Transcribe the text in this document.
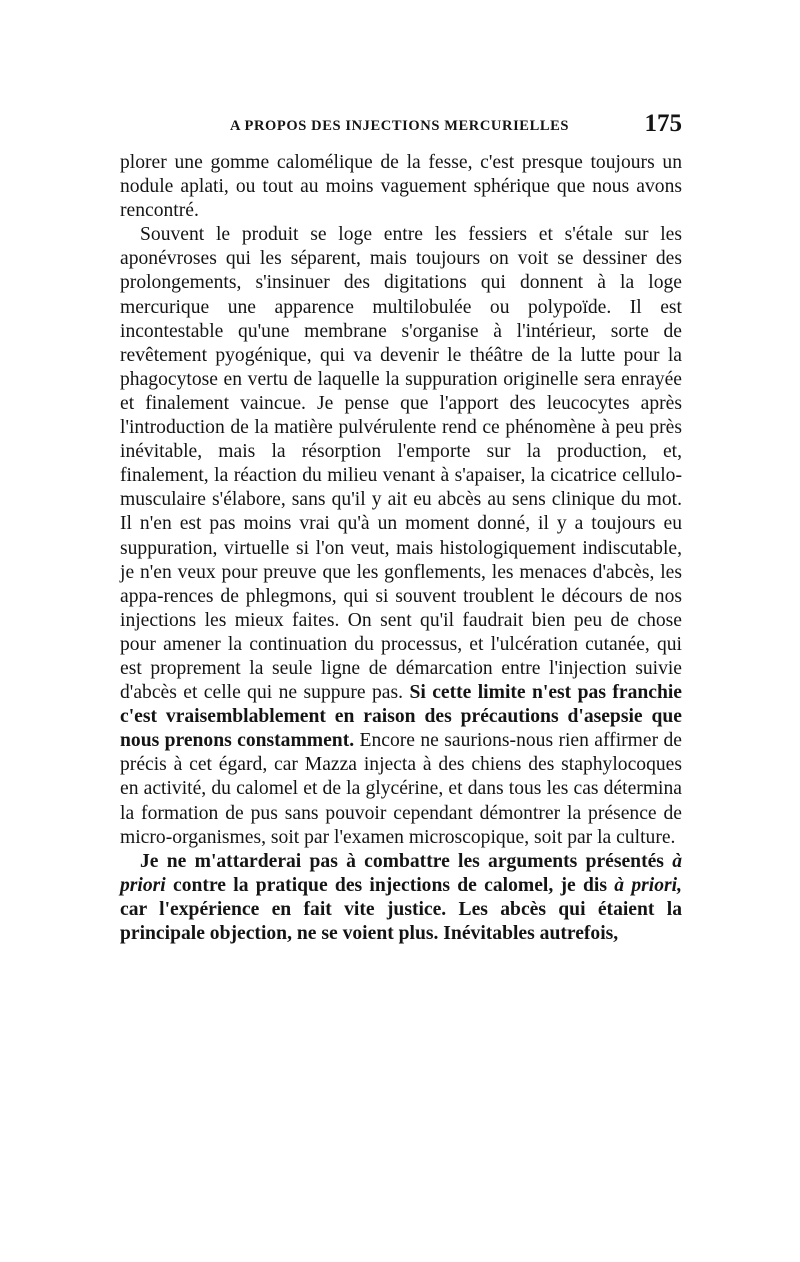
A PROPOS DES INJECTIONS MERCURIELLES	175

plorer une gomme calomélique de la fesse, c'est presque toujours un nodule aplati, ou tout au moins vaguement sphérique que nous avons rencontré.

Souvent le produit se loge entre les fessiers et s'étale sur les aponévroses qui les séparent, mais toujours on voit se dessiner des prolongements, s'insinuer des digitations qui donnent à la loge mercurique une apparence multilobulée ou polypoïde. Il est incontestable qu'une membrane s'organise à l'intérieur, sorte de revêtement pyogénique, qui va devenir le théâtre de la lutte pour la phagocytose en vertu de laquelle la suppuration originelle sera enrayée et finalement vaincue. Je pense que l'apport des leucocytes après l'introduction de la matière pulvérulente rend ce phénomène à peu près inévitable, mais la résorption l'emporte sur la production, et, finalement, la réaction du milieu venant à s'apaiser, la cicatrice cellulo-musculaire s'élabore, sans qu'il y ait eu abcès au sens clinique du mot. Il n'en est pas moins vrai qu'à un moment donné, il y a toujours eu suppuration, virtuelle si l'on veut, mais histologiquement indiscutable, je n'en veux pour preuve que les gonflements, les menaces d'abcès, les appa-rences de phlegmons, qui si souvent troublent le décours de nos injections les mieux faites. On sent qu'il faudrait bien peu de chose pour amener la continuation du processus, et l'ulcération cutanée, qui est proprement la seule ligne de démarcation entre l'injection suivie d'abcès et celle qui ne suppure pas. Si cette limite n'est pas franchie c'est vraisemblablement en raison des précautions d'asepsie que nous prenons constamment. Encore ne saurions-nous rien affirmer de précis à cet égard, car Mazza injecta à des chiens des staphylocoques en activité, du calomel et de la glycérine, et dans tous les cas détermina la formation de pus sans pouvoir cependant démontrer la présence de micro-organismes, soit par l'examen microscopique, soit par la culture.

Je ne m'attarderai pas à combattre les arguments présentés à priori contre la pratique des injections de calomel, je dis à priori, car l'expérience en fait vite justice. Les abcès qui étaient la principale objection, ne se voient plus. Inévitables autrefois,
